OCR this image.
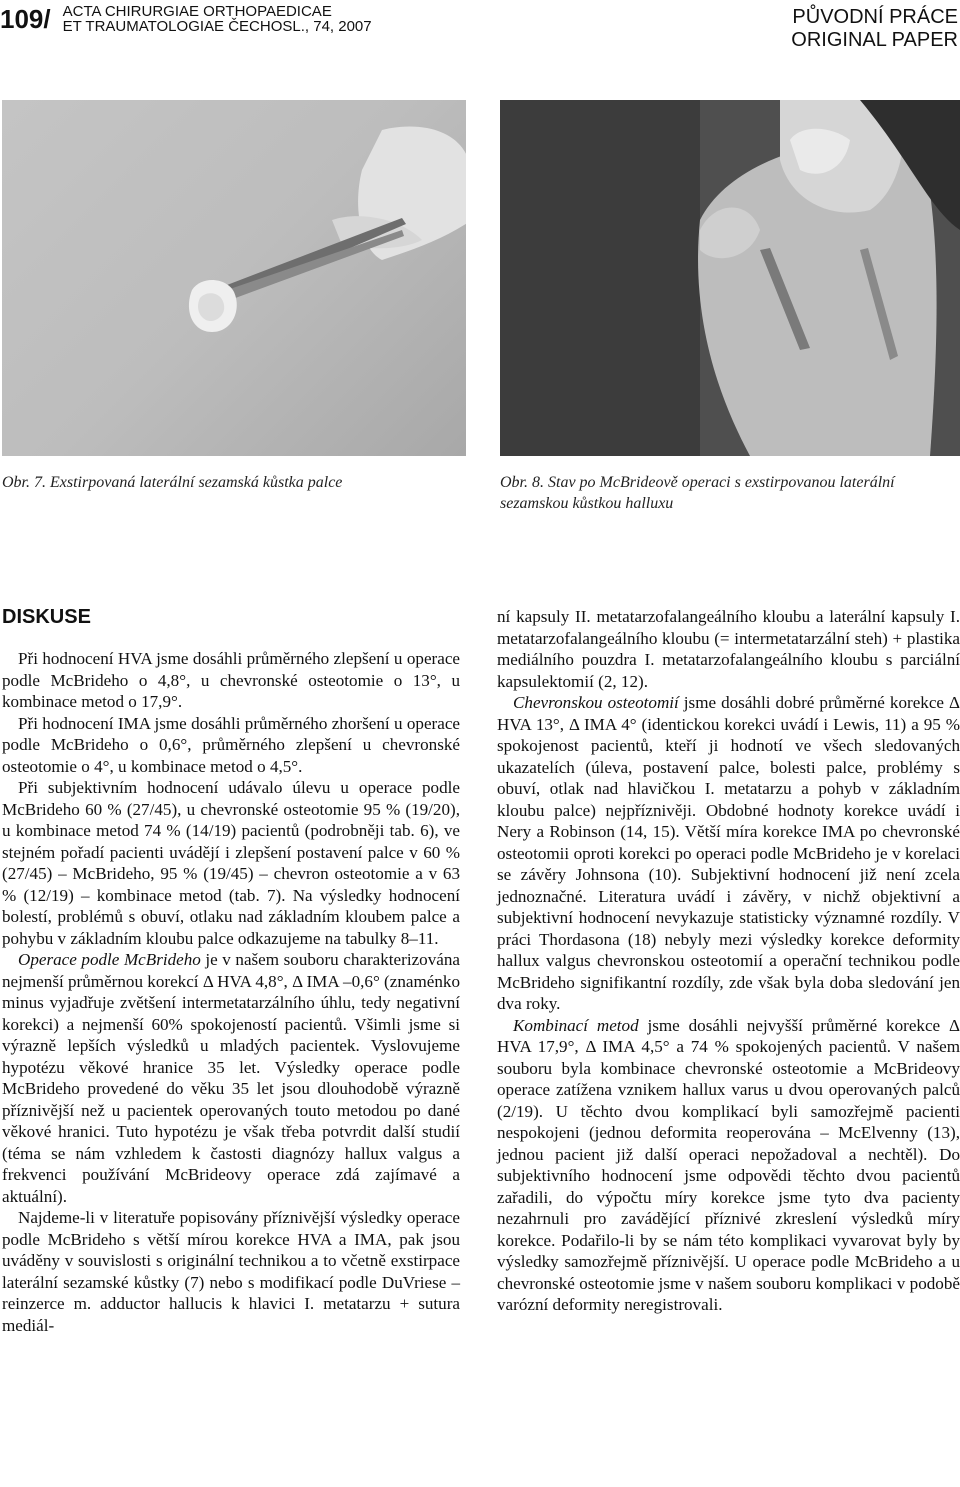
109/ ACTA CHIRURGIAE ORTHOPAEDICAE
ET TRAUMATOLOGIAE ČECHOSL., 74, 2007	PŮVODNÍ PRÁCE
ORIGINAL PAPER
Obr. 7. Exstirpovaná laterální sezamská kůstka palce	Obr. 8. Stav po McBrideově operaci s exstirpovanou laterální sezamskou kůstkou halluxu
DISKUSE

Při hodnocení HVA jsme dosáhli průměrného zlepšení u operace podle McBrideho o 4,8°, u chevronské osteotomie o 13°, u kombinace metod o 17,9°.

Při hodnocení IMA jsme dosáhli průměrného zhoršení u operace podle McBrideho o 0,6°, průměrného zlepšení u chevronské osteotomie o 4°, u kombinace metod o 4,5°.

Při subjektivním hodnocení udávalo úlevu u operace podle McBrideho 60 % (27/45), u chevronské osteotomie 95 % (19/20), u kombinace metod 74 % (14/19) pacientů (podrobněji tab. 6), ve stejném pořadí pacienti uvádějí i zlepšení postavení palce v 60 % (27/45) – McBrideho, 95 % (19/45) – chevron osteotomie a v 63 % (12/19) – kombinace metod (tab. 7). Na výsledky hodnocení bolestí, problémů s obuví, otlaku nad základním kloubem palce a pohybu v základním kloubu palce odkazujeme na tabulky 8–11.

Operace podle McBrideho je v našem souboru charakterizována nejmenší průměrnou korekcí Δ HVA 4,8°, Δ IMA –0,6° (znaménko minus vyjadřuje zvětšení intermetatarzálního úhlu, tedy negativní korekci) a nejmenší 60% spokojeností pacientů. Všimli jsme si výrazně lepších výsledků u mladých pacientek. Vyslovujeme hypotézu věkové hranice 35 let. Výsledky operace podle McBrideho provedené do věku 35 let jsou dlouhodobě výrazně příznivější než u pacientek operovaných touto metodou po dané věkové hranici. Tuto hypotézu je však třeba potvrdit další studií (téma se nám vzhledem k častosti diagnózy hallux valgus a frekvenci používání McBrideovy operace zdá zajímavé a aktuální).

Najdeme-li v literatuře popisovány příznivější výsledky operace podle McBrideho s větší mírou korekce HVA a IMA, pak jsou uváděny v souvislosti s originální technikou a to včetně exstirpace laterální sezamské kůstky (7) nebo s modifikací podle DuVriese – reinzerce m. adductor hallucis k hlavici I. metatarzu + sutura mediál-

ní kapsuly II. metatarzofalangeálního kloubu a laterální kapsuly I. metatarzofalangeálního kloubu (= intermetatarzální steh) + plastika mediálního pouzdra I. metatarzofalangeálního kloubu s parciální kapsulektomií (2, 12).

Chevronskou osteotomií jsme dosáhli dobré průměrné korekce Δ HVA 13°, Δ IMA 4° (identickou korekci uvádí i Lewis, 11) a 95 % spokojenost pacientů, kteří ji hodnotí ve všech sledovaných ukazatelích (úleva, postavení palce, bolesti palce, problémy s obuví, otlak nad hlavičkou I. metatarzu a pohyb v základním kloubu palce) nejpříznivěji. Obdobné hodnoty korekce uvádí i Nery a Robinson (14, 15). Větší míra korekce IMA po chevronské osteotomii oproti korekci po operaci podle McBrideho je v korelaci se závěry Johnsona (10). Subjektivní hodnocení již není zcela jednoznačné. Literatura uvádí i závěry, v nichž objektivní a subjektivní hodnocení nevykazuje statisticky významné rozdíly. V práci Thordasona (18) nebyly mezi výsledky korekce deformity hallux valgus chevronskou osteotomií a operační technikou podle McBrideho signifikantní rozdíly, zde však byla doba sledování jen dva roky.

Kombinací metod jsme dosáhli nejvyšší průměrné korekce Δ HVA 17,9°, Δ IMA 4,5° a 74 % spokojených pacientů. V našem souboru byla kombinace chevronské osteotomie a McBrideovy operace zatížena vznikem hallux varus u dvou operovaných palců (2/19). U těchto dvou komplikací byli samozřejmě pacienti nespokojeni (jednou deformita reoperována – McElvenny (13), jednou pacient již další operaci nepožadoval a nechtěl). Do subjektivního hodnocení jsme odpovědi těchto dvou pacientů zařadili, do výpočtu míry korekce jsme tyto dva pacienty nezahrnuli pro zavádějící příznivé zkreslení výsledků míry korekce. Podařilo-li by se nám této komplikaci vyvarovat byly by výsledky samozřejmě příznivější. U operace podle McBrideho a u chevronské osteotomie jsme v našem souboru komplikaci v podobě varózní deformity neregistrovali.
